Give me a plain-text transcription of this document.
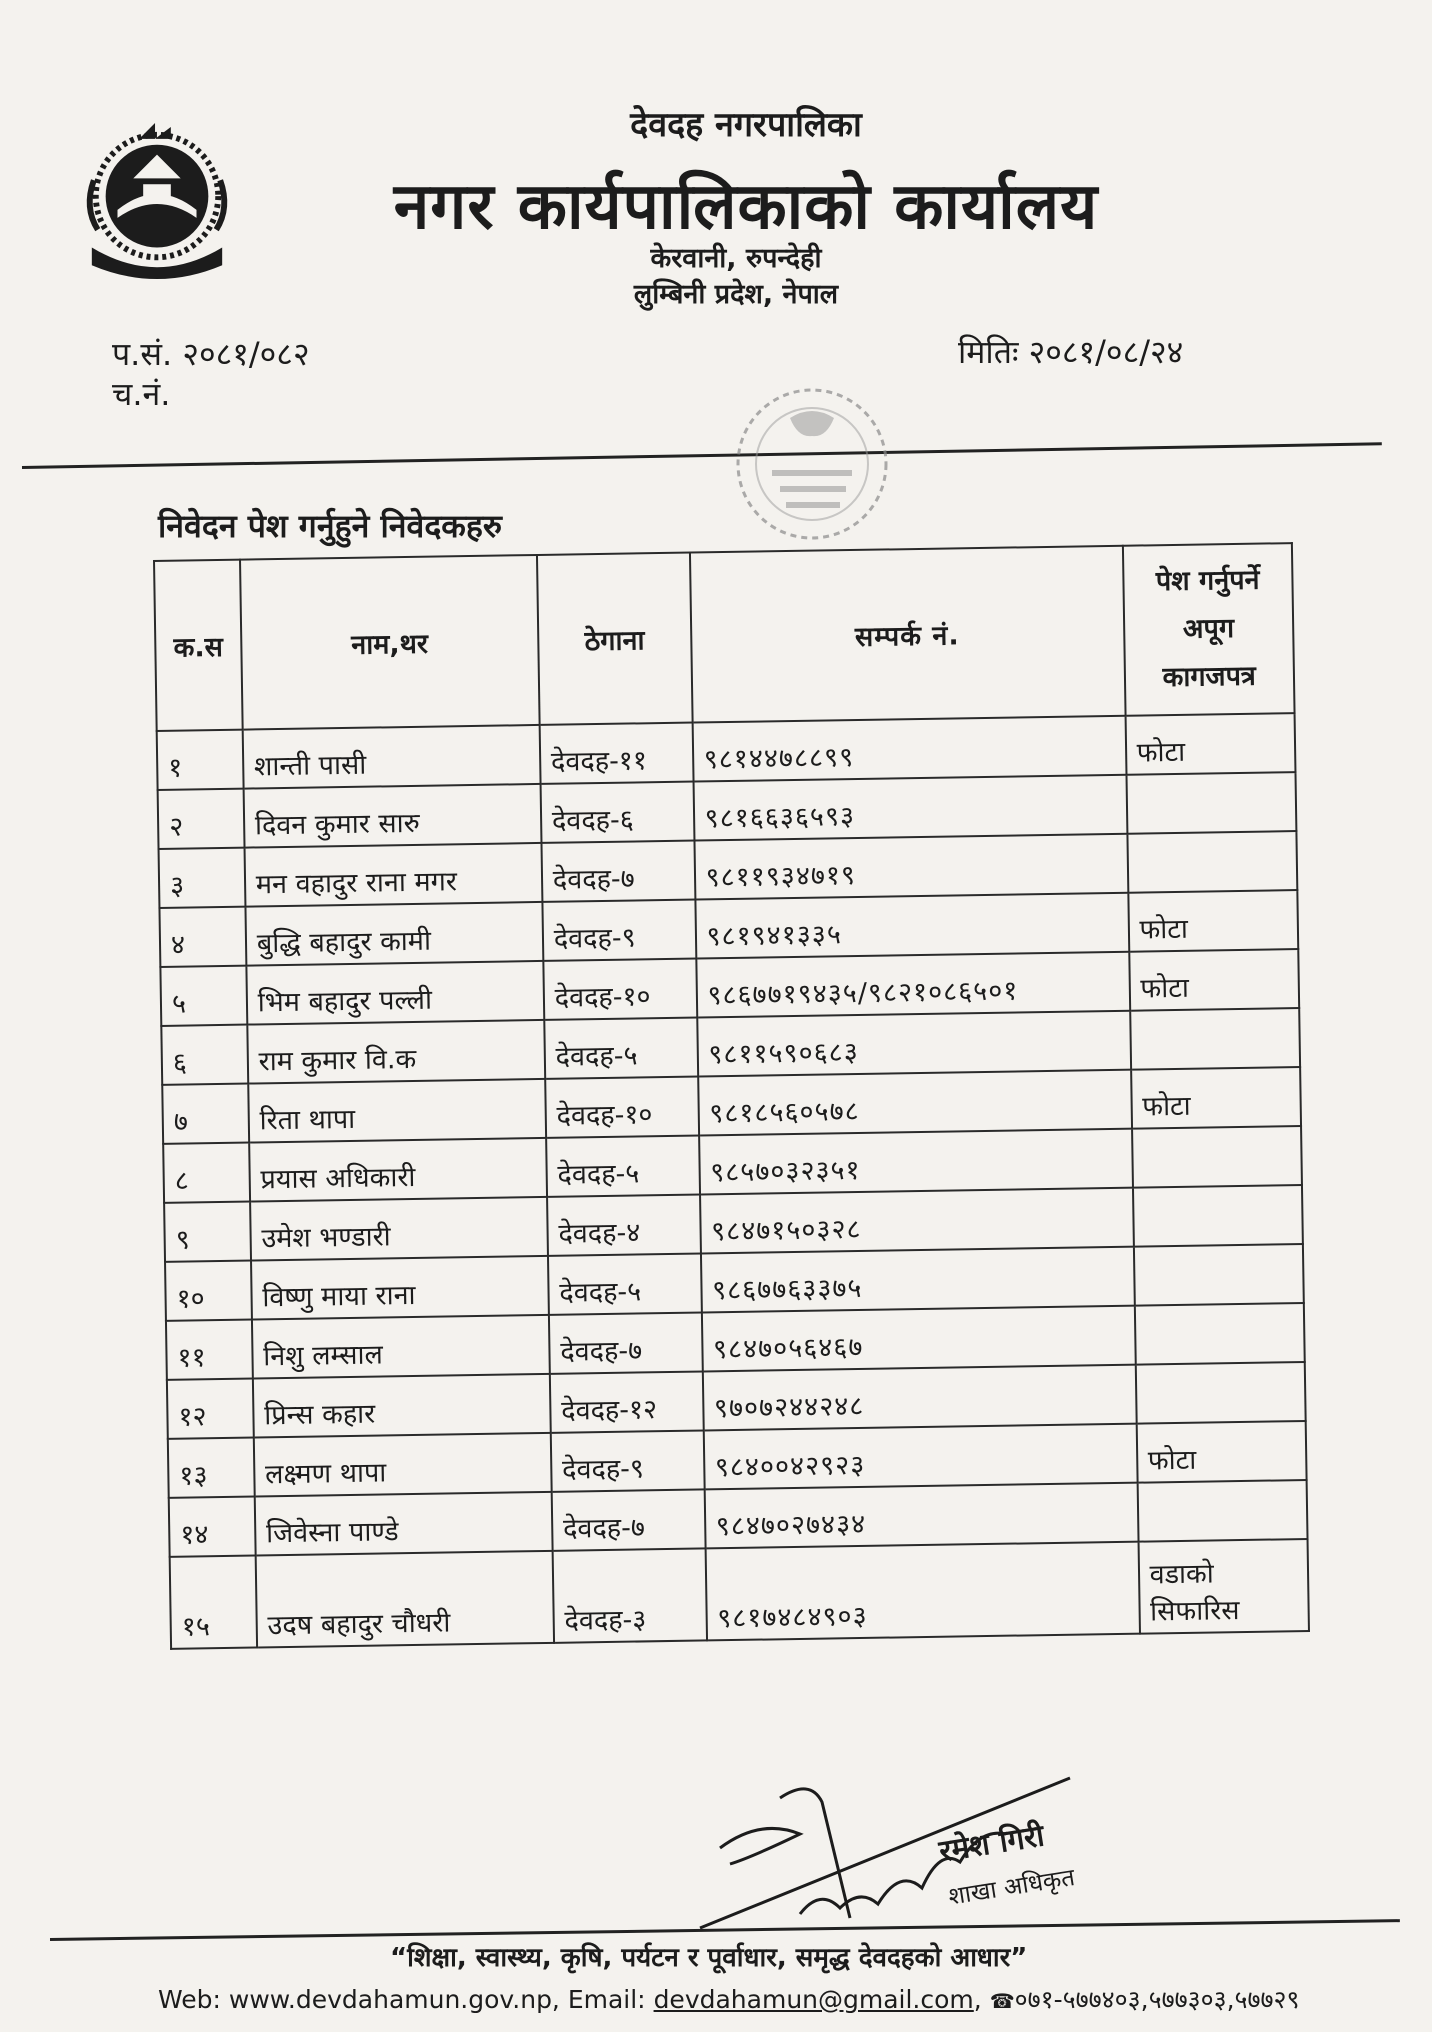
देवदह नगरपालिका
नगर कार्यपालिकाको कार्यालय
केरवानी, रुपन्देही
लुम्बिनी प्रदेश, नेपाल
प.सं. २०८१/०८२
च.नं.
मितिः २०८१/०८/२४
निवेदन पेश गर्नुहुने निवेदकहरु
क.स	नाम,थर	ठेगाना	सम्पर्क नं.	पेश गर्नुपर्ने
अपूग
कागजपत्र

१	शान्ती पासी	देवदह-११	९८१४४७८८९९	फोटा
२	दिवन कुमार सारु	देवदह-६	९८१६६३६५९३	
३	मन वहादुर राना मगर	देवदह-७	९८११९३४७१९	
४	बुद्धि बहादुर कामी	देवदह-९	९८१९४१३३५	फोटा
५	भिम बहादुर पल्ली	देवदह-१०	९८६७७१९४३५/९८२१०८६५०१	फोटा
६	राम कुमार वि.क	देवदह-५	९८११५९०६८३	
७	रिता थापा	देवदह-१०	९८१८५६०५७८	फोटा
८	प्रयास अधिकारी	देवदह-५	९८५७०३२३५१	
९	उमेश भण्डारी	देवदह-४	९८४७१५०३२८	
१०	विष्णु माया राना	देवदह-५	९८६७७६३३७५	
११	निशु लम्साल	देवदह-७	९८४७०५६४६७	
१२	प्रिन्स कहार	देवदह-१२	९७०७२४४२४८	
१३	लक्ष्मण थापा	देवदह-९	९८४००४२९२३	फोटा
१४	जिवेस्ना पाण्डे	देवदह-७	९८४७०२७४३४	
१५	उदष बहादुर चौधरी	देवदह-३	९८१७४८४९०३	वडाको सिफारिस
रमेश गिरी
शाखा अधिकृत
“शिक्षा, स्वास्थ्य, कृषि, पर्यटन र पूर्वाधार, समृद्ध देवदहको आधार”
Web: www.devdahamun.gov.np, Email: devdahamun@gmail.com, ☎०७१-५७७४०३,५७७३०३,५७७२९
